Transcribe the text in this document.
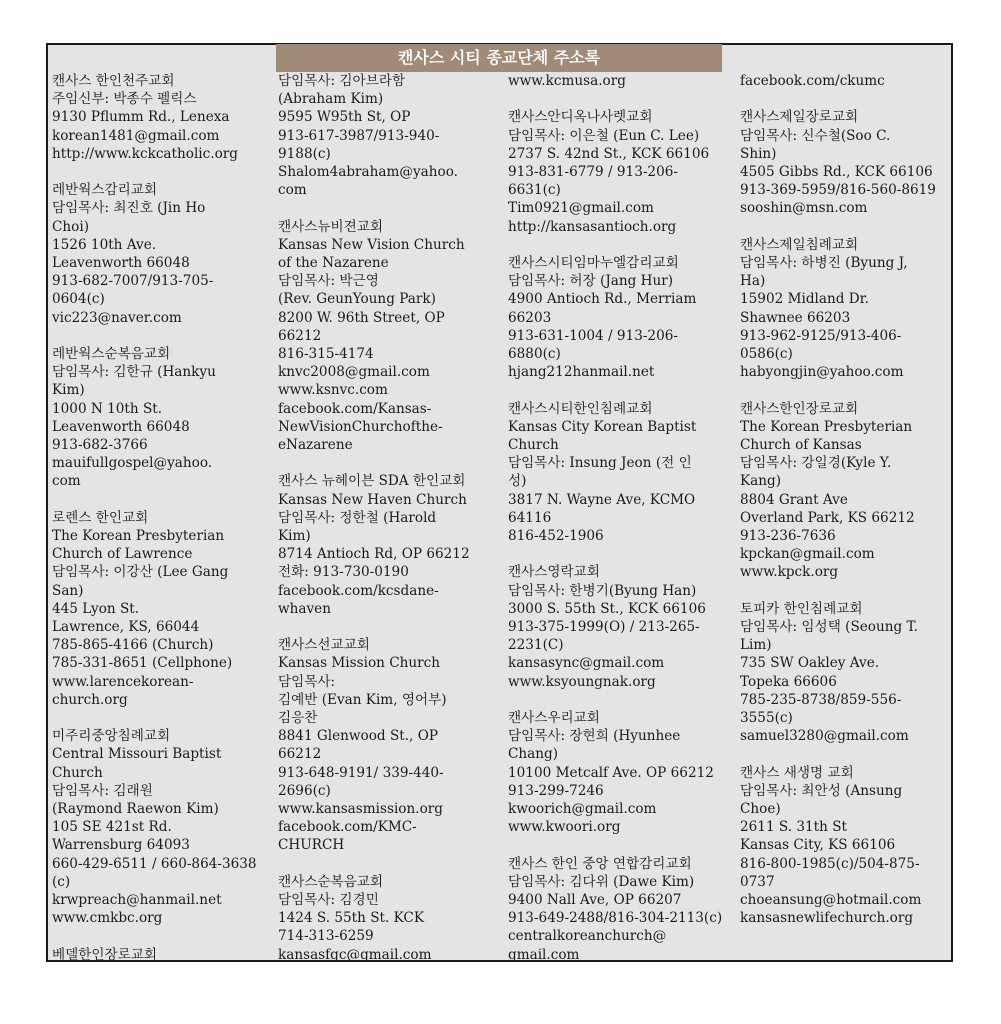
캔사스 시티 종교단체 주소록
캔사스 한인천주교회
주임신부: 박종수 펠릭스
9130 Pflumm Rd., Lenexa
korean1481@gmail.com
http://www.kckcatholic.org
레반웍스감리교회
담임목사: 최진호 (Jin Ho
Choi)
1526 10th Ave.
Leavenworth 66048
913-682-7007/913-705-
0604(c)
vic223@naver.com
레반웍스순복음교회
담임목사: 김한규 (Hankyu
Kim)
1000 N 10th St.
Leavenworth 66048
913-682-3766
mauifullgospel@yahoo.
com
로렌스 한인교회
The Korean Presbyterian
Church of Lawrence
담임목사: 이강산 (Lee Gang
San)
445 Lyon St.
Lawrence, KS, 66044
785-865-4166 (Church)
785-331-8651 (Cellphone)
www.larencekorean-
church.org
미주리중앙침례교회
Central Missouri Baptist
Church
담임목사: 김래원
(Raymond Raewon Kim)
105 SE 421st Rd.
Warrensburg 64093
660-429-6511 / 660-864-3638
(c)
krwpreach@hanmail.net
www.cmkbc.org
베델한인장로교회
담임목사: 김아브라함
(Abraham Kim)
9595 W95th St, OP
913-617-3987/913-940-
9188(c)
Shalom4abraham@yahoo.
com
캔사스뉴비젼교회
Kansas New Vision Church
of the Nazarene
담임목사: 박근영
(Rev. GeunYoung Park)
8200 W. 96th Street, OP
66212
816-315-4174
knvc2008@gmail.com
www.ksnvc.com
facebook.com/Kansas-
NewVisionChurchofthe-
eNazarene
캔사스 뉴헤이븐 SDA 한인교회
Kansas New Haven Church
담임목사: 정한철 (Harold
Kim)
8714 Antioch Rd, OP 66212
전화: 913-730-0190
facebook.com/kcsdane-
whaven
캔사스선교교회
Kansas Mission Church
담임목사:
김예반 (Evan Kim, 영어부)
김응찬
8841 Glenwood St., OP
66212
913-648-9191/ 339-440-
2696(c)
www.kansasmission.org
facebook.com/KMC-
CHURCH
캔사스순복음교회
담임목사: 김경민
1424 S. 55th St. KCK
714-313-6259
kansasfgc@gmail.com
www.kcmusa.org
캔사스안디옥나사렛교회
담임목사: 이은철 (Eun C. Lee)
2737 S. 42nd St., KCK 66106
913-831-6779 / 913-206-
6631(c)
Tim0921@gmail.com
http://kansasantioch.org
캔사스시티임마누엘감리교회
담임목사: 허장 (Jang Hur)
4900 Antioch Rd., Merriam
66203
913-631-1004 / 913-206-
6880(c)
hjang212hanmail.net
캔사스시티한인침례교회
Kansas City Korean Baptist
Church
담임목사: Insung Jeon (전 인
성)
3817 N. Wayne Ave, KCMO
64116
816-452-1906
캔사스영락교회
담임목사: 한병기(Byung Han)
3000 S. 55th St., KCK 66106
913-375-1999(O) / 213-265-
2231(C)
kansasync@gmail.com
www.ksyoungnak.org
캔사스우리교회
담임목사: 장현희 (Hyunhee
Chang)
10100 Metcalf Ave. OP 66212
913-299-7246
kwoorich@gmail.com
www.kwoori.org
캔사스 한인 중앙 연합감리교회
담임목사: 김다위 (Dawe Kim)
9400 Nall Ave, OP 66207
913-649-2488/816-304-2113(c)
centralkoreanchurch@
gmail.com
facebook.com/ckumc
캔사스제일장로교회
담임목사: 신수철(Soo C.
Shin)
4505 Gibbs Rd., KCK 66106
913-369-5959/816-560-8619
sooshin@msn.com
캔사스제일침례교회
담임목사: 하병진 (Byung J,
Ha)
15902 Midland Dr.
Shawnee 66203
913-962-9125/913-406-
0586(c)
habyongjin@yahoo.com
캔사스한인장로교회
The Korean Presbyterian
Church of Kansas
담임목사: 강일경(Kyle Y.
Kang)
8804 Grant Ave
Overland Park, KS 66212
913-236-7636
kpckan@gmail.com
www.kpck.org
토피카 한인침례교회
담임목사: 임성택 (Seoung T.
Lim)
735 SW Oakley Ave.
Topeka 66606
785-235-8738/859-556-
3555(c)
samuel3280@gmail.com
캔사스 새생명 교회
담임목사: 최안성 (Ansung
Choe)
2611 S. 31th St
Kansas City, KS 66106
816-800-1985(c)/504-875-
0737
choeansung@hotmail.com
kansasnewlifechurch.org
